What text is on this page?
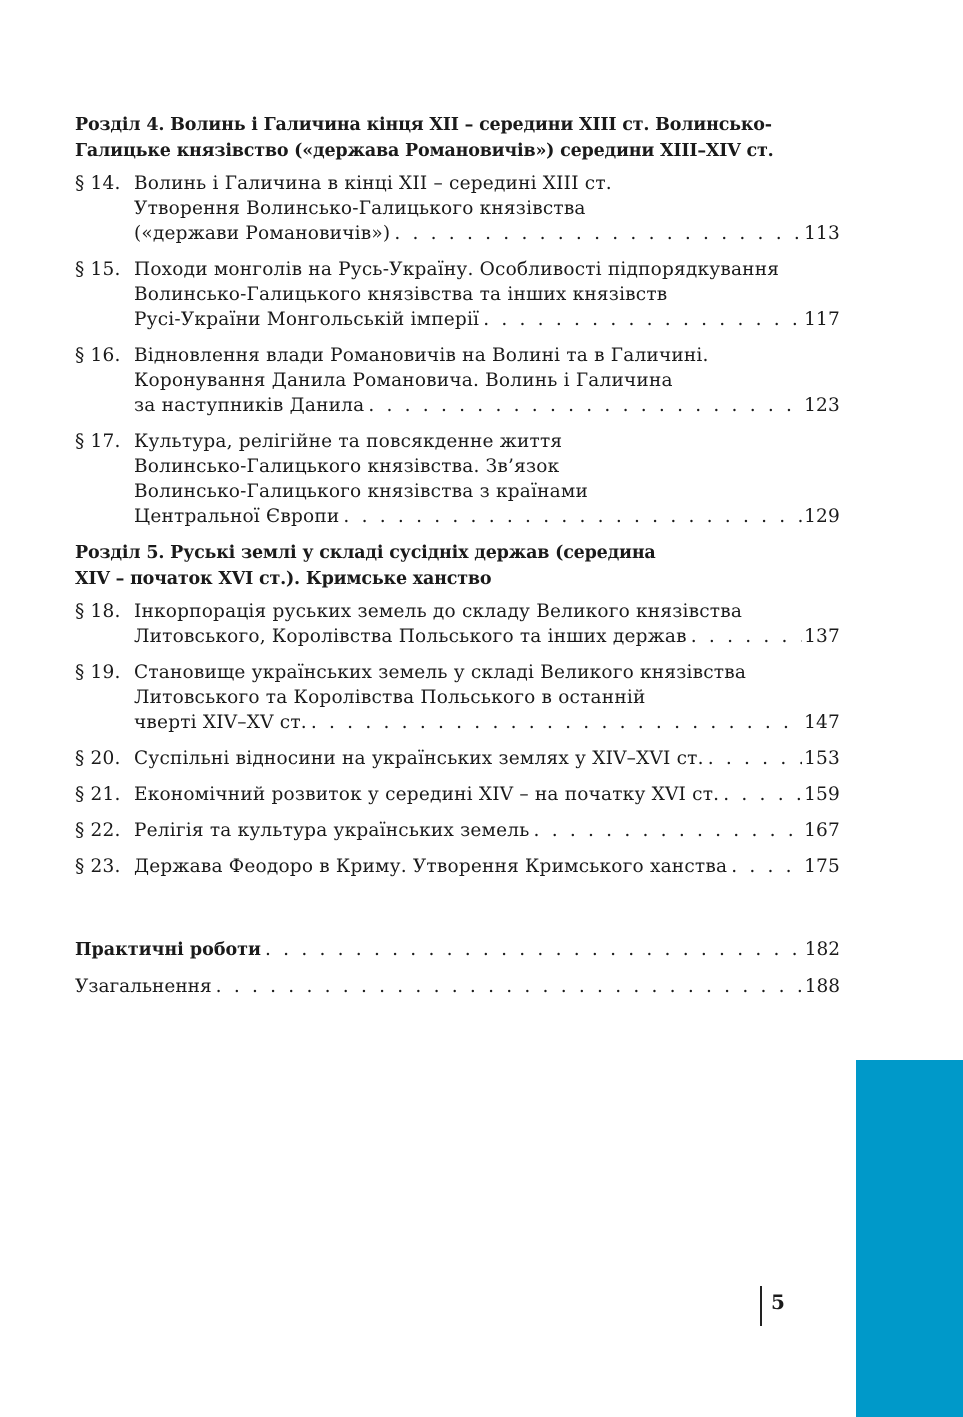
Розділ 4. Волинь і Галичина кінця XII – середини XIII ст. Волинсько-
Галицьке князівство («держава Романовичів») середини XIII–XIV ст.
§ 14. Волинь і Галичина в кінці XII – середині XIII ст.
Утворення Волинсько-Галицького князівства
(«держави Романовичів») . . .	113
§ 15. Походи монголів на Русь-Україну. Особливості підпорядкування
Волинсько-Галицького князівства та інших князівств
Русі-України Монгольській імперії . . .	117
§ 16. Відновлення влади Романовичів на Волині та в Галичині.
Коронування Данила Романовича. Волинь і Галичина
за наступників Данила . . .	123
§ 17. Культура, релігійне та повсякденне життя
Волинсько-Галицького князівства. Зв’язок
Волинсько-Галицького князівства з країнами
Центральної Європи . . .	129
Розділ 5. Руські землі у складі сусідніх держав (середина
XIV – початок XVI ст.). Кримське ханство
§ 18. Інкорпорація руських земель до складу Великого князівства
Литовського, Королівства Польського та інших держав . . .	137
§ 19. Становище українських земель у складі Великого князівства
Литовського та Королівства Польського в останній
чверті XIV–XV ст. . . .	147
§ 20. Суспільні відносини на українських землях у XIV–XVI ст. . . .	153
§ 21. Економічний розвиток у середині XIV – на початку XVI ст. . . .	159
§ 22. Релігія та культура українських земель . . .	167
§ 23. Держава Феодоро в Криму. Утворення Кримського ханства . . .	175
Практичні роботи . . .	182
Узагальнення . . .	188
5
